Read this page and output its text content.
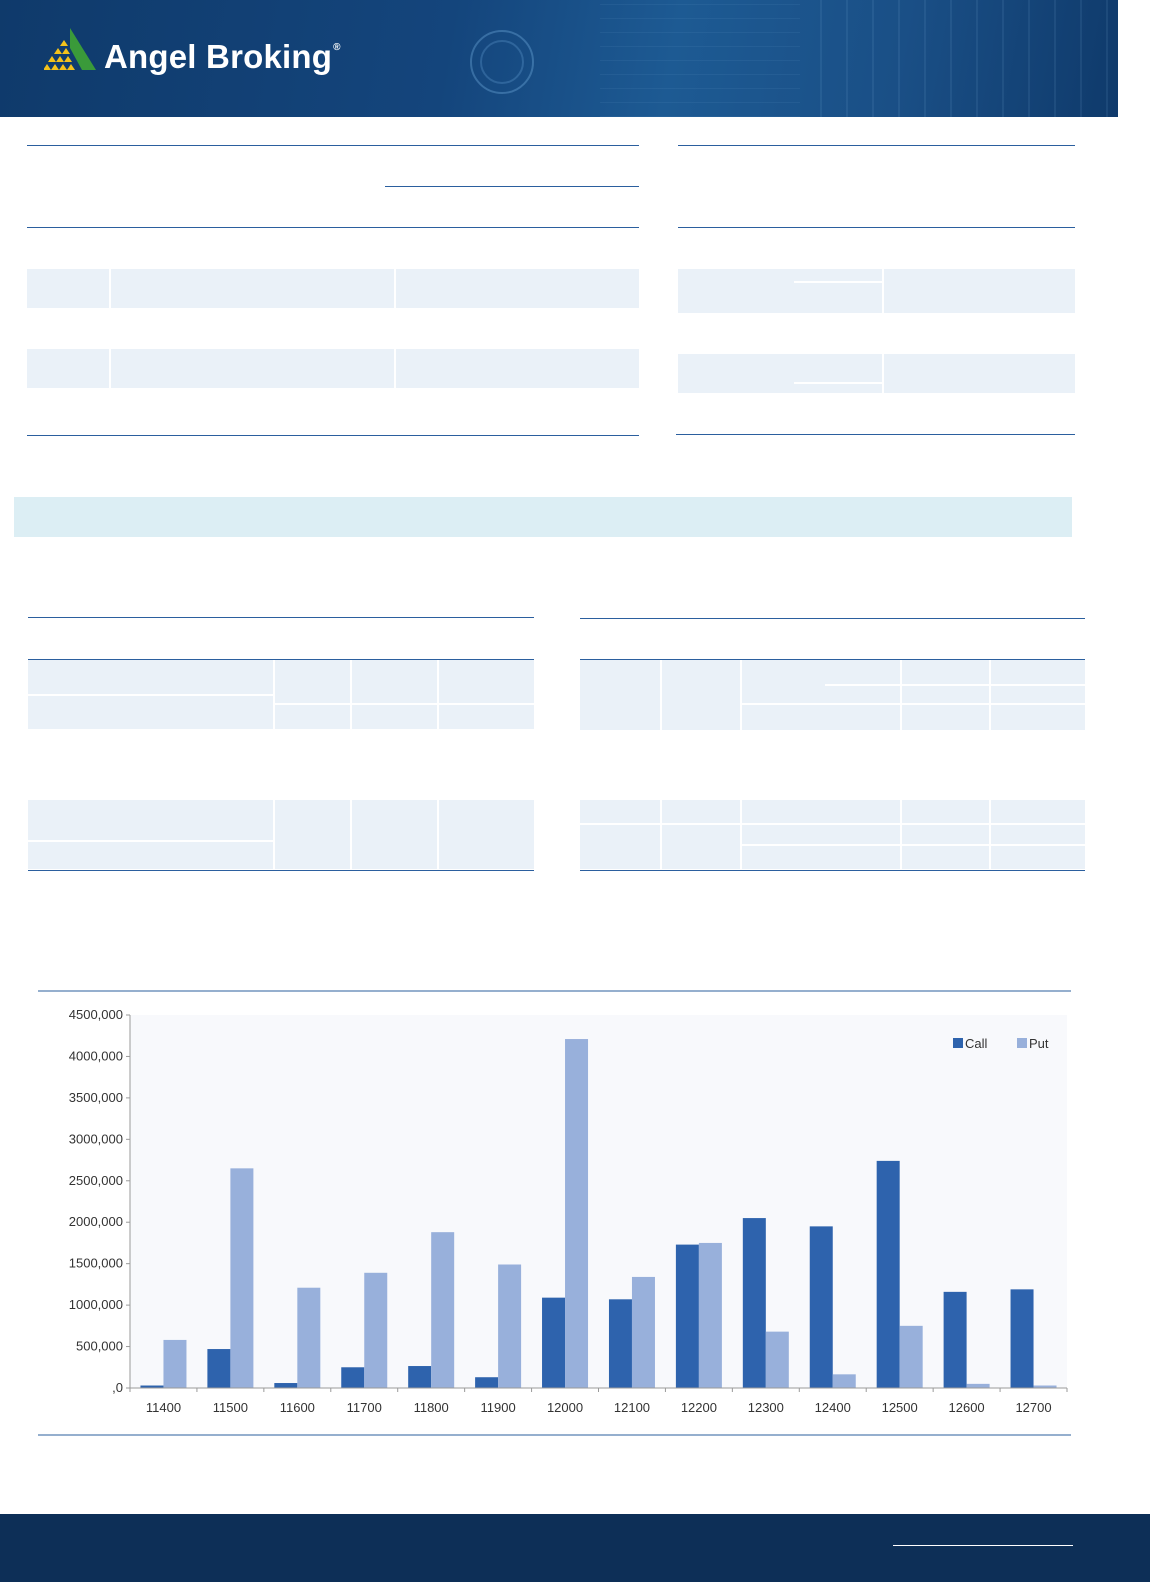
Angel Broking®
,0
500,000
1000,000
1500,000
2000,000
2500,000
3000,000
3500,000
4000,000
4500,000
11400 11500 11600 11700 11800 11900 12000 12100 12200 12300 12400 12500 12600 12700
Call	Put
